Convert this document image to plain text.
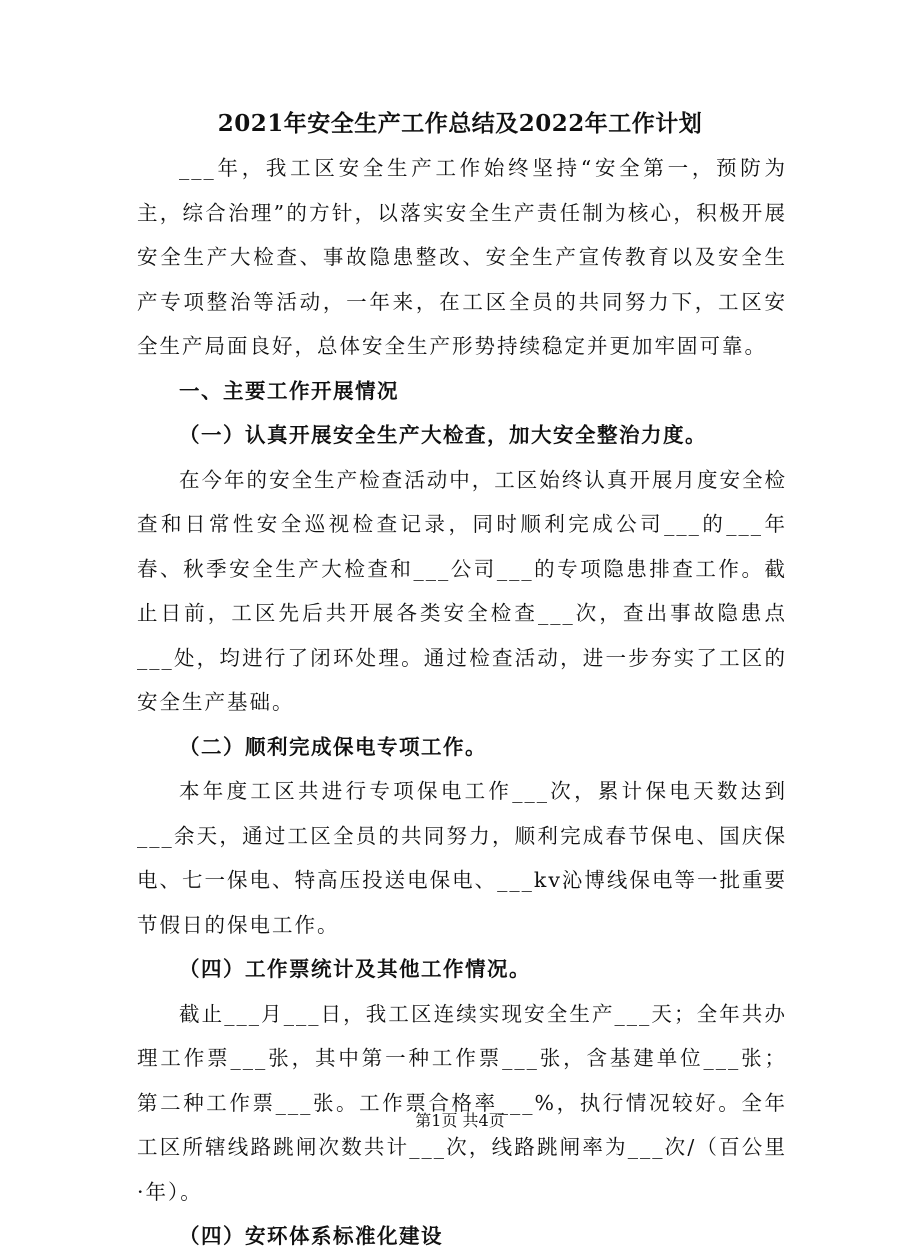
2021年安全生产工作总结及2022年工作计划

___年，我工区安全生产工作始终坚持“安全第一，预防为主，综合治理”的方针，以落实安全生产责任制为核心，积极开展安全生产大检查、事故隐患整改、安全生产宣传教育以及安全生产专项整治等活动，一年来，在工区全员的共同努力下，工区安全生产局面良好，总体安全生产形势持续稳定并更加牢固可靠。

一、主要工作开展情况

（一）认真开展安全生产大检查，加大安全整治力度。

在今年的安全生产检查活动中，工区始终认真开展月度安全检查和日常性安全巡视检查记录，同时顺利完成公司___的___年春、秋季安全生产大检查和___公司___的专项隐患排查工作。截止日前，工区先后共开展各类安全检查___次，查出事故隐患点___处，均进行了闭环处理。通过检查活动，进一步夯实了工区的安全生产基础。

（二）顺利完成保电专项工作。

本年度工区共进行专项保电工作___次，累计保电天数达到___余天，通过工区全员的共同努力，顺利完成春节保电、国庆保电、七一保电、特高压投送电保电、___kv沁博线保电等一批重要节假日的保电工作。

（四）工作票统计及其他工作情况。

截止___月___日，我工区连续实现安全生产___天；全年共办理工作票___张，其中第一种工作票___张，含基建单位___张；第二种工作票___张。工作票合格率___%，执行情况较好。全年工区所辖线路跳闸次数共计___次，线路跳闸率为___次/（百公里·年）。

（四）安环体系标准化建设

第1页 共4页
